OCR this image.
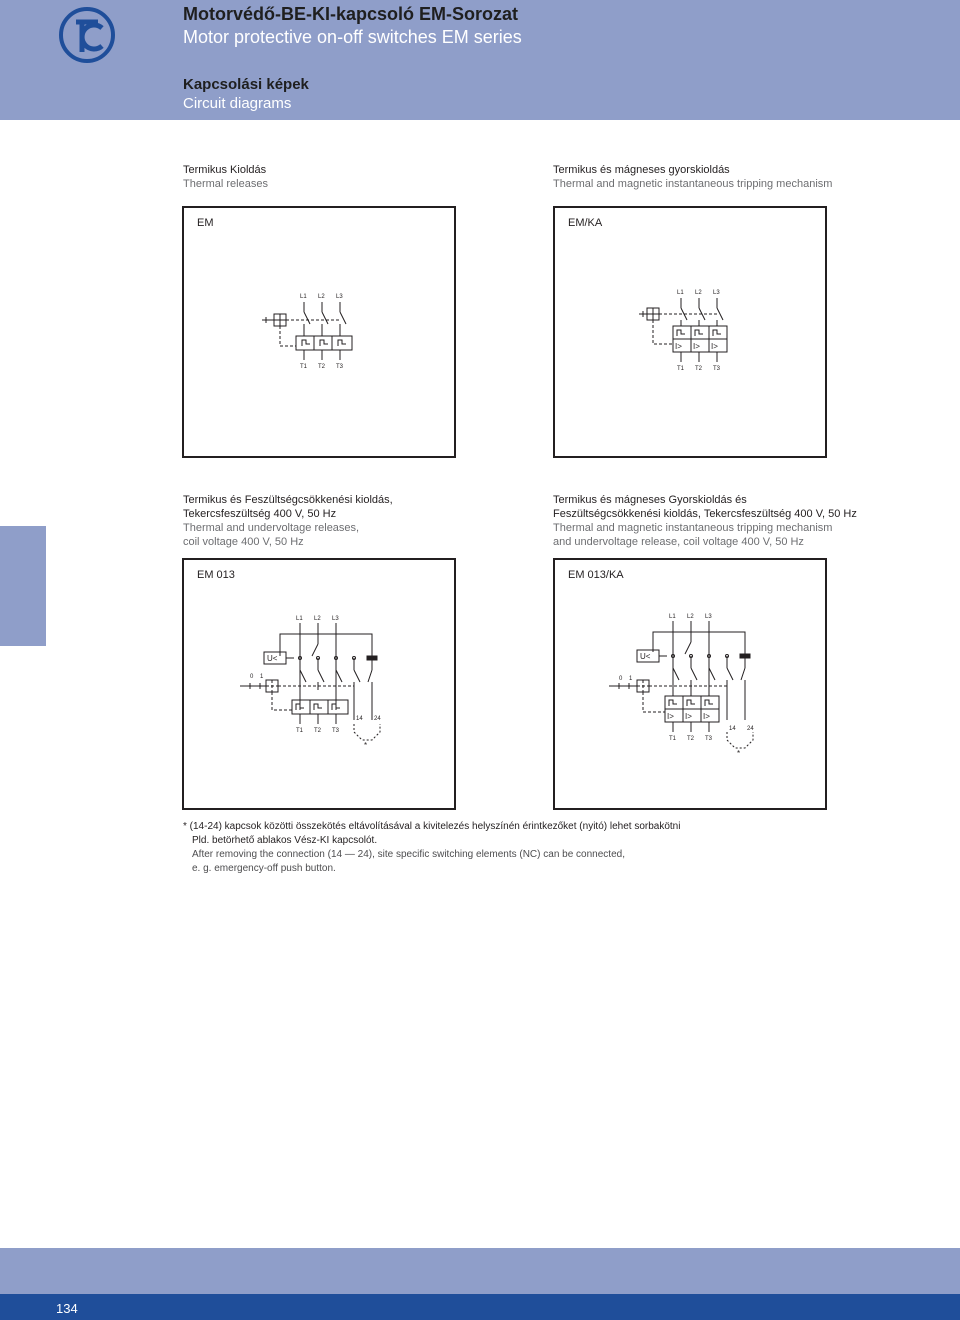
Motorvédő-BE-KI-kapcsoló EM-Sorozat
Motor protective on-off switches EM series
Kapcsolási képek
Circuit diagrams
Termikus Kioldás
Thermal releases
Termikus és mágneses gyorskioldás
Thermal and magnetic instantaneous tripping mechanism
Termikus és Feszültségcsökkenési kioldás,
Tekercsfeszültség 400 V, 50 Hz
Thermal and undervoltage releases,
coil voltage 400 V, 50 Hz
Termikus és mágneses Gyorskioldás és
Feszültségcsökkenési kioldás, Tekercsfeszültség 400 V, 50 Hz
Thermal and magnetic instantaneous tripping mechanism
and undervoltage release, coil voltage 400 V, 50 Hz
EM
L1 L2 L3
T1 T2 T3
EM/KA
L1 L2 L3
I> I> I>
T1 T2 T3
EM 013
L1 L2 L3
U<
0 1
T1 T2 T3
14 24
*
EM 013/KA
L1 L2 L3
U<
0 1
I> I> I>
T1 T2 T3
14 24
*
* (14-24) kapcsok közötti összekötés eltávolításával a kivitelezés helyszínén érintkezőket (nyitó) lehet sorbakötni
Pld. betörhető ablakos Vész-KI kapcsolót.
After removing the connection (14 — 24), site specific switching elements (NC) can be connected,
e. g. emergency-off push button.
134
